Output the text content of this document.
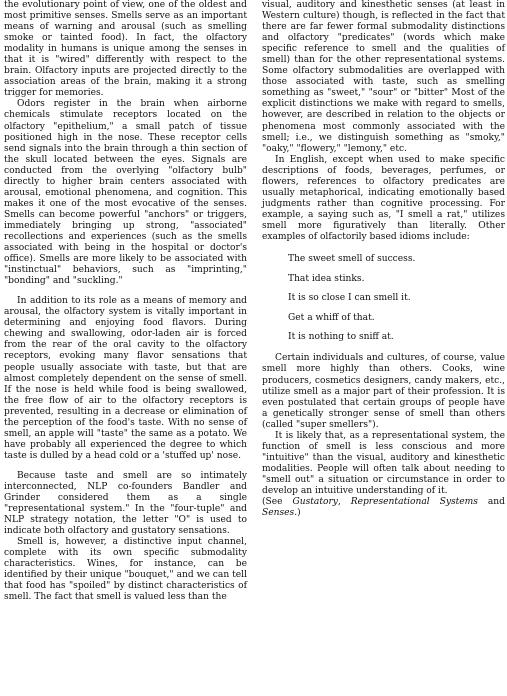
the evolutionary point of view, one of the oldest and most primitive senses. Smells serve as an important means of warning and arousal (such as smelling smoke or tainted food). In fact, the olfactory modality in humans is unique among the senses in that it is "wired" differently with respect to the brain. Olfactory inputs are projected directly to the association areas of the brain, making it a strong trigger for memories.

Odors register in the brain when airborne chemicals stimulate receptors located on the olfactory "epithelium," a small patch of tissue positioned high in the nose. These receptor cells send signals into the brain through a thin section of the skull located between the eyes. Signals are conducted from the overlying "olfactory bulb" directly to higher brain centers associated with arousal, emotional phenomena, and cognition. This makes it one of the most evocative of the senses. Smells can become powerful "anchors" or triggers, immediately bringing up strong, "associated" recollections and experiences (such as the smells associated with being in the hospital or doctor's office). Smells are more likely to be associated with "instinctual" behaviors, such as "imprinting," "bonding" and "suckling."

In addition to its role as a means of memory and arousal, the olfactory system is vitally important in determining and enjoying food flavors. During chewing and swallowing, odor-laden air is forced from the rear of the oral cavity to the olfactory receptors, evoking many flavor sensations that people usually associate with taste, but that are almost completely dependent on the sense of smell. If the nose is held while food is being swallowed, the free flow of air to the olfactory receptors is prevented, resulting in a decrease or elimination of the perception of the food's taste. With no sense of smell, an apple will "taste" the same as a potato. We have probably all experienced the degree to which taste is dulled by a head cold or a 'stuffed up' nose.

Because taste and smell are so intimately interconnected, NLP co-founders Bandler and Grinder considered them as a single "representational system." In the "four-tuple" and NLP strategy notation, the letter "O" is used to indicate both olfactory and gustatory sensations.

Smell is, however, a distinctive input channel, complete with its own specific submodality characteristics. Wines, for instance, can be identified by their unique "bouquet," and we can tell that food has "spoiled" by distinct characteristics of smell. The fact that smell is valued less than the

visual, auditory and kinesthetic senses (at least in Western culture) though, is reflected in the fact that there are far fewer formal submodality distinctions and olfactory "predicates" (words which make specific reference to smell and the qualities of smell) than for the other representational systems. Some olfactory submodalities are overlapped with those associated with taste, such as smelling something as "sweet," "sour" or "bitter" Most of the explicit distinctions we make with regard to smells, however, are described in relation to the objects or phenomena most commonly associated with the smell; i.e., we distinguish something as "smoky," "oaky," "flowery," "lemony," etc.

In English, except when used to make specific descriptions of foods, beverages, perfumes, or flowers, references to olfactory predicates are usually metaphorical, indicating emotionally based judgments rather than cognitive processing. For example, a saying such as, "I smell a rat," utilizes smell more figuratively than literally. Other examples of olfactorily based idioms include:

The sweet smell of success.
That idea stinks.
It is so close I can smell it.
Get a whiff of that.
It is nothing to sniff at.

Certain individuals and cultures, of course, value smell more highly than others. Cooks, wine producers, cosmetics designers, candy makers, etc., utilize smell as a major part of their profession. It is even postulated that certain groups of people have a genetically stronger sense of smell than others (called "super smellers").

It is likely that, as a representational system, the function of smell is less conscious and more "intuitive" than the visual, auditory and kinesthetic modalities. People will often talk about needing to "smell out" a situation or circumstance in order to develop an intuitive understanding of it.

(See Gustatory, Representational Systems and Senses.)
